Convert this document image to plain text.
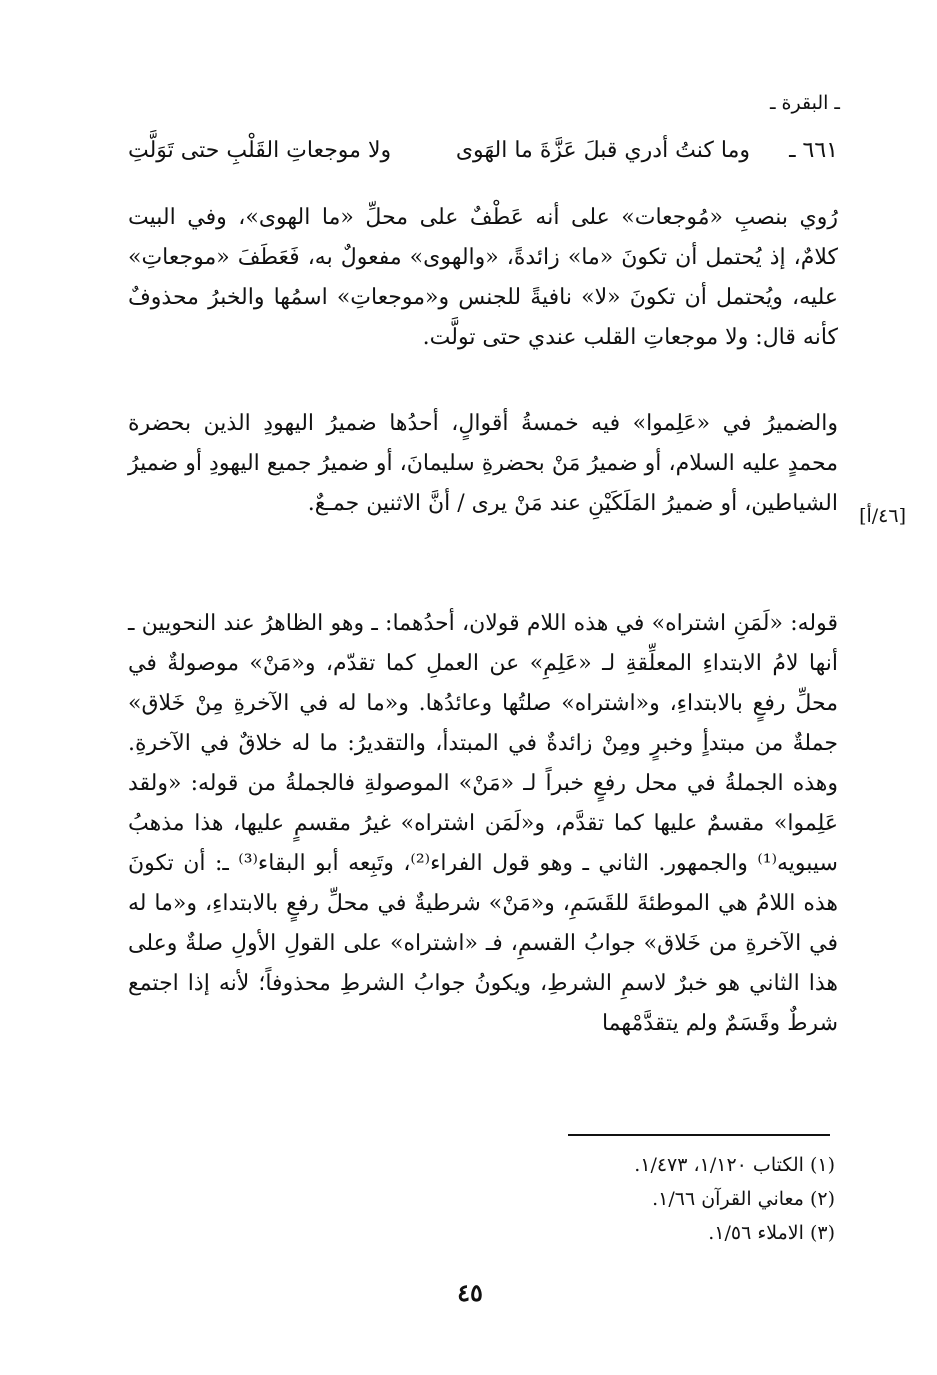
ـ البقرة ـ
٦٦١ ـ
وما كنتُ أدري قبلَ عَزَّةَ ما الهَوى
ولا موجعاتِ القَلْبِ حتى تَوَلَّتِ

رُوي بنصبِ «مُوجعات» على أنه عَطْفٌ على محلِّ «ما الهوى»، وفي البيت كلامٌ، إذ يُحتمل أن تكونَ «ما» زائدةً، «والهوى» مفعولٌ به، فَعَطَفَ «موجعاتِ» عليه، ويُحتمل أن تكونَ «لا» نافيةً للجنس و«موجعاتِ» اسمُها والخبرُ محذوفٌ كأنه قال: ولا موجعاتِ القلب عندي حتى تولَّت.

والضميرُ في «عَلِموا» فيه خمسةُ أقوالٍ، أحدُها ضميرُ اليهودِ الذين بحضرة محمدٍ عليه السلام، أو ضميرُ مَنْ بحضرةِ سليمانَ، أو ضميرُ جميع اليهودِ أو ضميرُ الشياطين، أو ضميرُ المَلَكَيْنِ عند مَنْ يرى / أنَّ الاثنين جمـعٌ.	[٤٦/أ]

قوله: «لَمَنِ اشتراه» في هذه اللام قولان، أحدُهما: ـ وهو الظاهرُ عند النحويين ـ أنها لامُ الابتداءِ المعلِّقةِ لـ «عَلِمِ» عن العملِ كما تقدّم، و«مَنْ» موصولةٌ في محلِّ رفعٍ بالابتداءِ، و«اشتراه» صلتُها وعائدُها. و«ما له في الآخرةِ مِنْ خَلاق» جملةٌ من مبتدأٍ وخبرٍ ومِنْ زائدةٌ في المبتدأ، والتقديرُ: ما له خلاقٌ في الآخرةِ. وهذه الجملةُ في محل رفعٍ خبراً لـ «مَنْ» الموصولةِ فالجملةُ من قوله: «ولقد عَلِموا» مقسمٌ عليها كما تقدَّم، و«لَمَن اشتراه» غيرُ مقسمٍ عليها، هذا مذهبُ سيبويه⁽¹⁾ والجمهور. الثاني ـ وهو قول الفراء⁽²⁾، وتَبِعه أبو البقاء⁽³⁾ ـ: أن تكونَ هذه اللامُ هي الموطئةَ للقَسَمِ، و«مَنْ» شرطيةٌ في محلِّ رفعٍ بالابتداءِ، و«ما له في الآخرةِ من خَلاق» جوابُ القسمِ، فـ «اشتراه» على القولِ الأولِ صلةٌ وعلى هذا الثاني هو خبرٌ لاسمِ الشرطِ، ويكونُ جوابُ الشرطِ محذوفاً؛ لأنه إذا اجتمع شرطٌ وقَسَمٌ ولم يتقدَّمْهما

(١) الكتاب ١/١٢٠، ١/٤٧٣.
(٢) معاني القرآن ١/٦٦.
(٣) الاملاء ١/٥٦.
٤٥
